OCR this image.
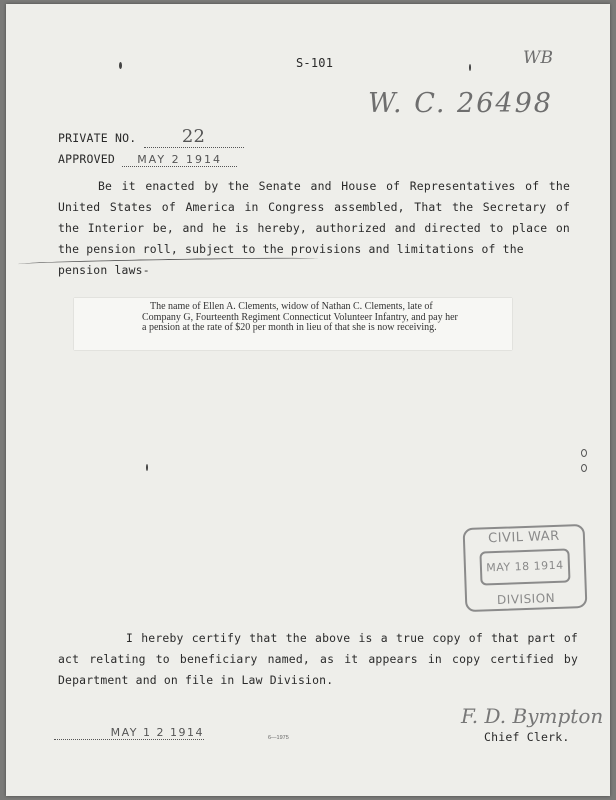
S-101	WB
W. C. 26498
PRIVATE NO.	22
APPROVED MAY 2 1914

Be it enacted by the Senate and House of Representatives of the United States of America in Congress assembled, That the Secretary of the Interior be, and he is hereby, authorized and directed to place on the pension roll, subject to the provisions and limitations of the

pension laws-

The name of Ellen A. Clements, widow of Nathan C. Clements, late of Company G, Fourteenth Regiment Connecticut Volunteer Infantry, and pay her a pension at the rate of $20 per month in lieu of that she is now receiving.

CIVIL WAR
MAY 18 1914
DIVISION

I hereby certify that the above is a true copy of that part of act relating to beneficiary named, as it appears in copy certified by Department and on file in Law Division.

MAY 1 2 1914	6—1975
F. D. Bympton
Chief Clerk.
